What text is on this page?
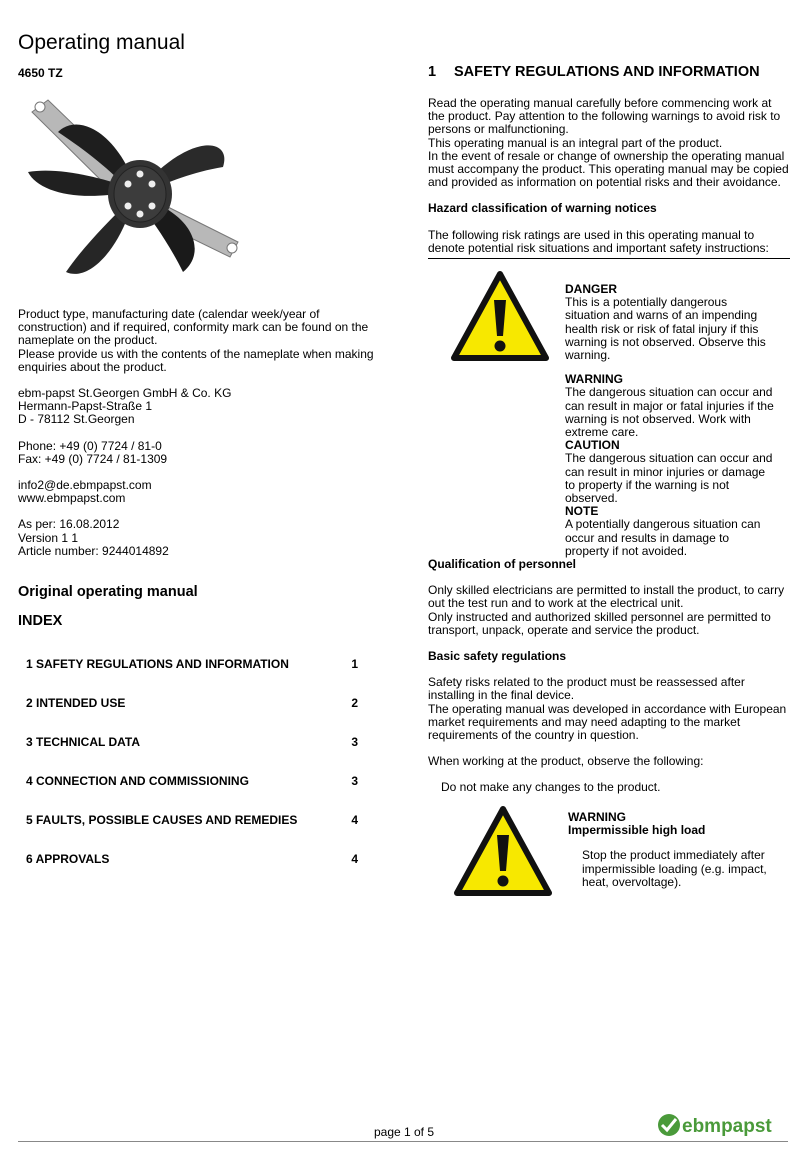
Operating manual
4650 TZ

Product type, manufacturing date (calendar week/year of construction) and if required, conformity mark can be found on the nameplate on the product.
Please provide us with the contents of the nameplate when making enquiries about the product.

ebm-papst St.Georgen GmbH & Co. KG
Hermann-Papst-Straße 1
D - 78112 St.Georgen

Phone: +49 (0) 7724 / 81-0
Fax: +49 (0) 7724 / 81-1309

info2@de.ebmpapst.com
www.ebmpapst.com

As per: 16.08.2012
Version 1 1
Article number: 9244014892

Original operating manual
INDEX
1 SAFETY REGULATIONS AND INFORMATION	1
2 INTENDED USE	2
3 TECHNICAL DATA	3
4 CONNECTION AND COMMISSIONING	3
5 FAULTS, POSSIBLE CAUSES AND REMEDIES	4
6 APPROVALS	4
1 SAFETY REGULATIONS AND INFORMATION

Read the operating manual carefully before commencing work at the product. Pay attention to the following warnings to avoid risk to persons or malfunctioning.

This operating manual is an integral part of the product.

In the event of resale or change of ownership the operating manual must accompany the product. This operating manual may be copied and provided as information on potential risks and their avoidance.

Hazard classification of warning notices

The following risk ratings are used in this operating manual to denote potential risk situations and important safety instructions:

DANGER

This is a potentially dangerous situation and warns of an impending health risk or risk of fatal injury if this warning is not observed. Observe this warning.

WARNING

The dangerous situation can occur and can result in major or fatal injuries if the warning is not observed. Work with extreme care.

CAUTION

The dangerous situation can occur and can result in minor injuries or damage to property if the warning is not observed.

NOTE

A potentially dangerous situation can occur and results in damage to property if not avoided.

Qualification of personnel

Only skilled electricians are permitted to install the product, to carry out the test run and to work at the electrical unit.

Only instructed and authorized skilled personnel are permitted to transport, unpack, operate and service the product.

Basic safety regulations

Safety risks related to the product must be reassessed after installing in the final device.

The operating manual was developed in accordance with European market requirements and may need adapting to the market requirements of the country in question.

When working at the product, observe the following:

Do not make any changes to the product.

WARNING
Impermissible high load
Stop the product immediately after impermissible loading (e.g. impact, heat, overvoltage).
page 1 of 5	ebmpapst
